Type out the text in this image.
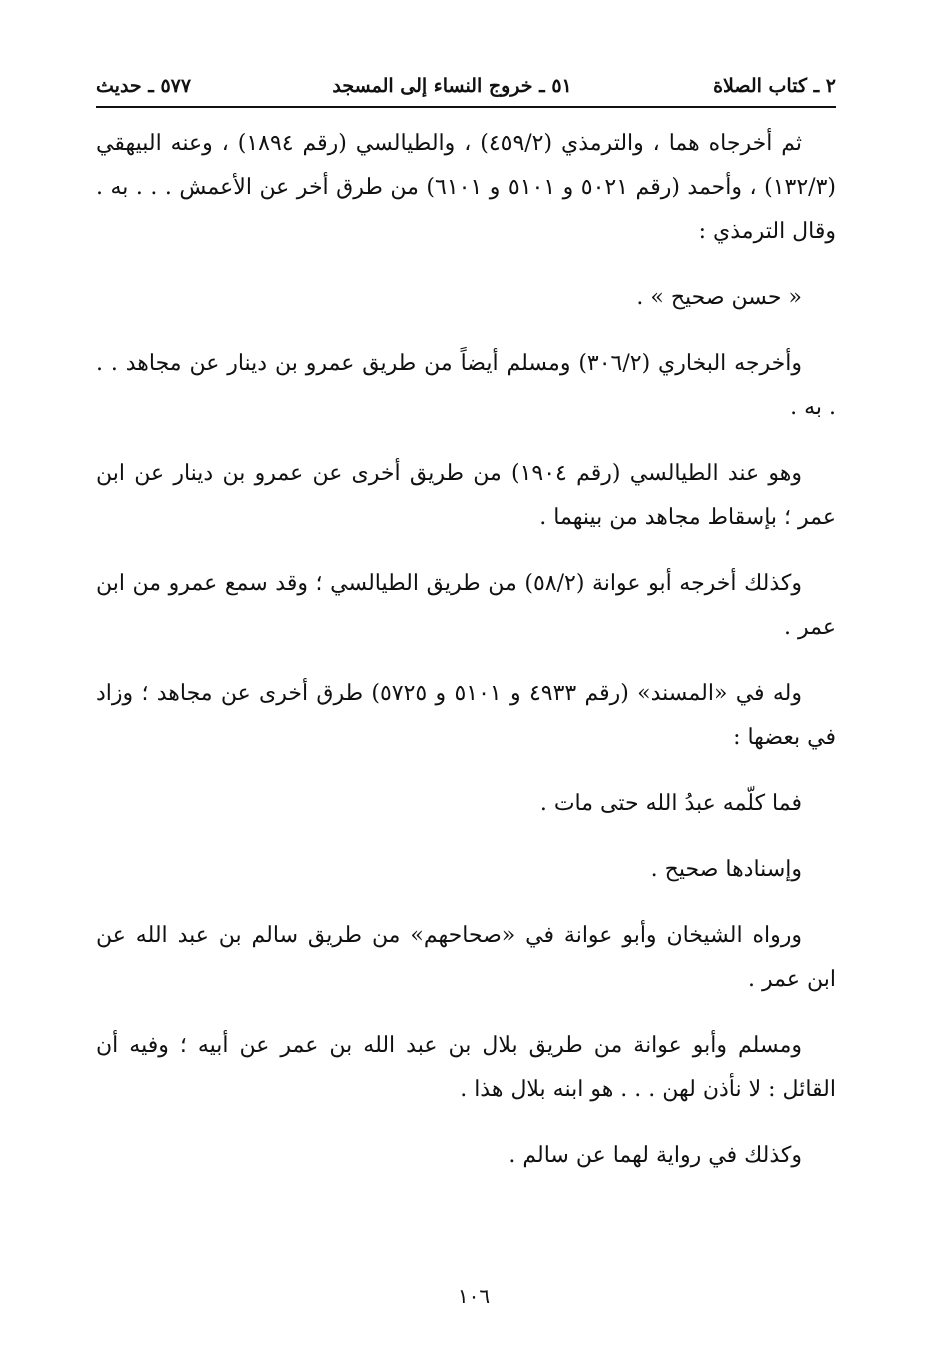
٢ ـ كتاب الصلاة
٥١ ـ خروج النساء إلى المسجد
٥٧٧ ـ حديث

ثم أخرجاه هما ، والترمذي (٤٥٩/٢) ، والطيالسي (رقم ١٨٩٤) ، وعنه البيهقي (١٣٢/٣) ، وأحمد (رقم ٥٠٢١ و ٥١٠١ و ٦١٠١) من طرق أخر عن الأعمش . . . به . وقال الترمذي :

« حسن صحيح » .

وأخرجه البخاري (٣٠٦/٢) ومسلم أيضاً من طريق عمرو بن دينار عن مجاهد . . . به .

وهو عند الطيالسي (رقم ١٩٠٤) من طريق أخرى عن عمرو بن دينار عن ابن عمر ؛ بإسقاط مجاهد من بينهما .

وكذلك أخرجه أبو عوانة (٥٨/٢) من طريق الطيالسي ؛ وقد سمع عمرو من ابن عمر .

وله في «المسند» (رقم ٤٩٣٣ و ٥١٠١ و ٥٧٢٥) طرق أخرى عن مجاهد ؛ وزاد في بعضها :

فما كلّمه عبدُ الله حتى مات .

وإسنادها صحيح .

ورواه الشيخان وأبو عوانة في «صحاحهم» من طريق سالم بن عبد الله عن ابن عمر .

ومسلم وأبو عوانة من طريق بلال بن عبد الله بن عمر عن أبيه ؛ وفيه أن القائل : لا نأذن لهن . . . هو ابنه بلال هذا .

وكذلك في رواية لهما عن سالم .

١٠٦
